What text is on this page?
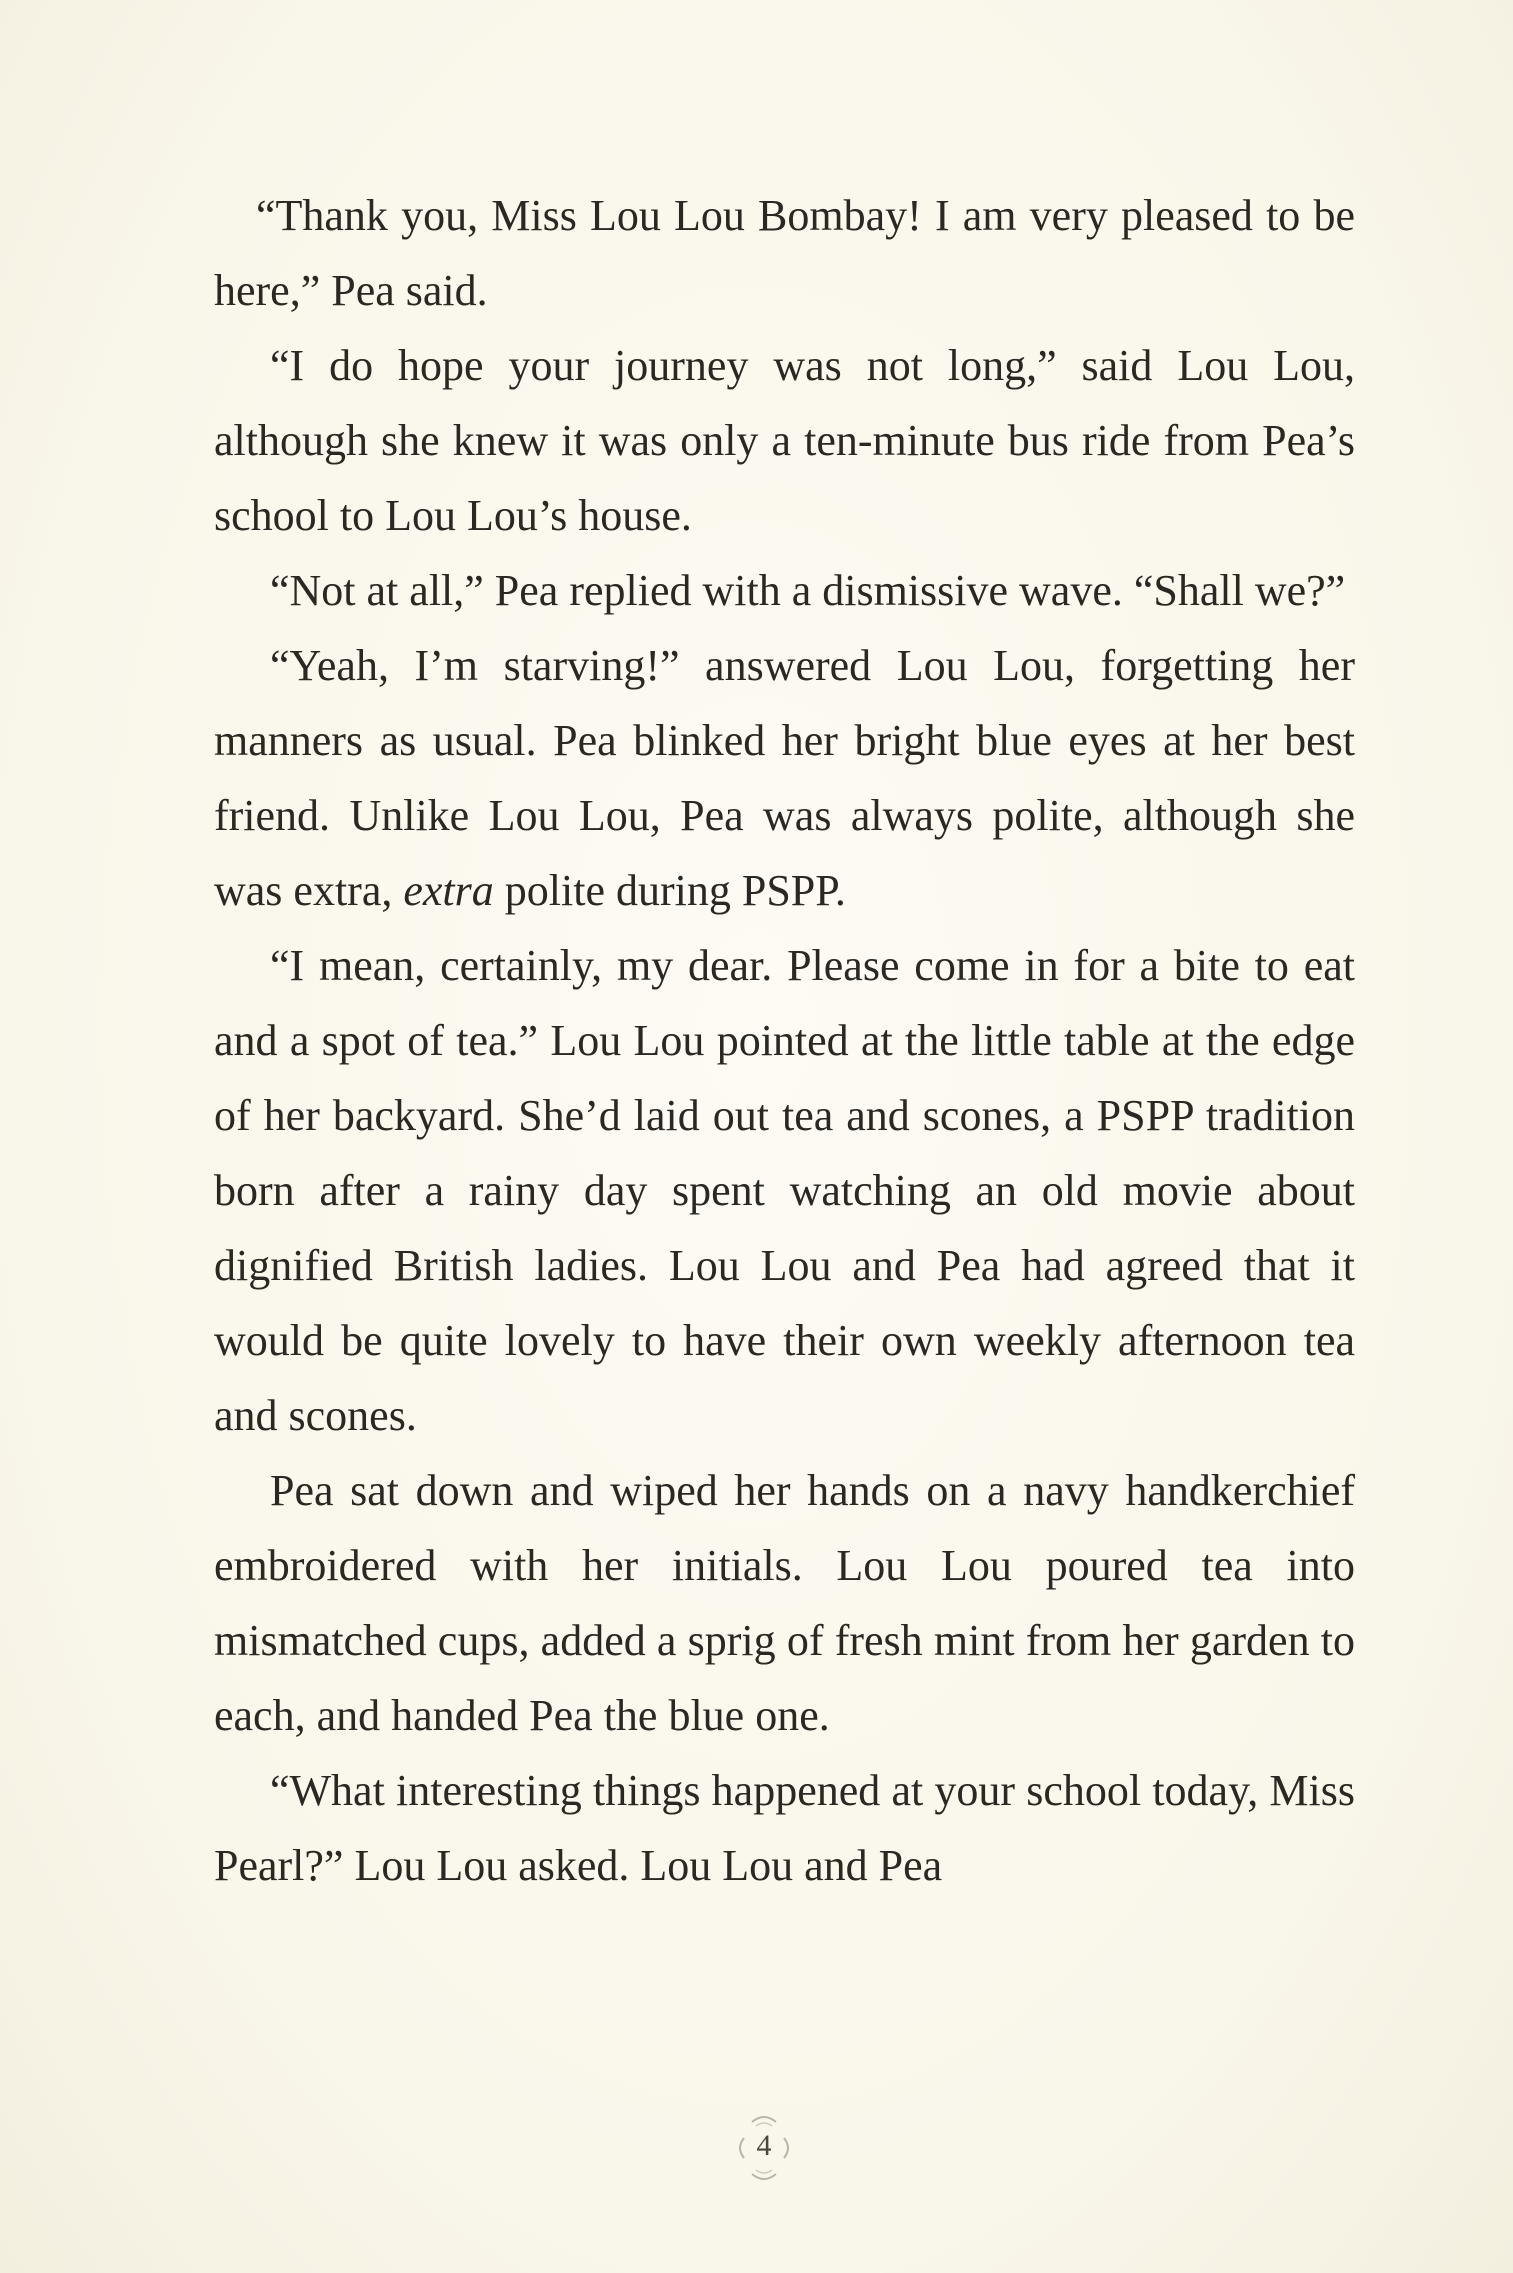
“Thank you, Miss Lou Lou Bombay! I am very pleased to be here,” Pea said.

“I do hope your journey was not long,” said Lou Lou, although she knew it was only a ten-minute bus ride from Pea’s school to Lou Lou’s house.

“Not at all,” Pea replied with a dismissive wave. “Shall we?”

“Yeah, I’m starving!” answered Lou Lou, forgetting her manners as usual. Pea blinked her bright blue eyes at her best friend. Unlike Lou Lou, Pea was always polite, although she was extra, extra polite during PSPP.

“I mean, certainly, my dear. Please come in for a bite to eat and a spot of tea.” Lou Lou pointed at the little table at the edge of her backyard. She’d laid out tea and scones, a PSPP tradition born after a rainy day spent watching an old movie about dignified British ladies. Lou Lou and Pea had agreed that it would be quite lovely to have their own weekly afternoon tea and scones.

Pea sat down and wiped her hands on a navy handkerchief embroidered with her initials. Lou Lou poured tea into mismatched cups, added a sprig of fresh mint from her garden to each, and handed Pea the blue one.

“What interesting things happened at your school today, Miss Pearl?” Lou Lou asked. Lou Lou and Pea

4
